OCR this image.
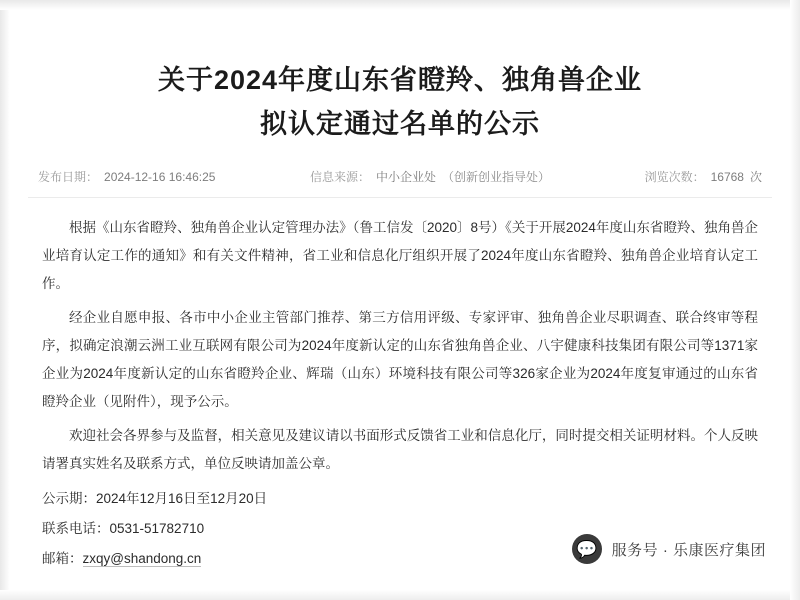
关于2024年度山东省瞪羚、独角兽企业
拟认定通过名单的公示
发布日期： 2024-12-16 16:46:25	信息来源： 中小企业处 （创新创业指导处）	浏览次数： 16768 次

根据《山东省瞪羚、独角兽企业认定管理办法》（鲁工信发〔2020〕8号）《关于开展2024年度山东省瞪羚、独角兽企业培育认定工作的通知》和有关文件精神，省工业和信息化厅组织开展了2024年度山东省瞪羚、独角兽企业培育认定工作。

经企业自愿申报、各市中小企业主管部门推荐、第三方信用评级、专家评审、独角兽企业尽职调查、联合终审等程序，拟确定浪潮云洲工业互联网有限公司为2024年度新认定的山东省独角兽企业、八宇健康科技集团有限公司等1371家企业为2024年度新认定的山东省瞪羚企业、辉瑞（山东）环境科技有限公司等326家企业为2024年度复审通过的山东省瞪羚企业（见附件），现予公示。

欢迎社会各界参与及监督，相关意见及建议请以书面形式反馈省工业和信息化厅，同时提交相关证明材料。个人反映请署真实姓名及联系方式，单位反映请加盖公章。

公示期：2024年12月16日至12月20日

联系电话：0531-51782710

邮箱：zxqy@shandong.cn	💬 服务号 · 乐康医疗集团
